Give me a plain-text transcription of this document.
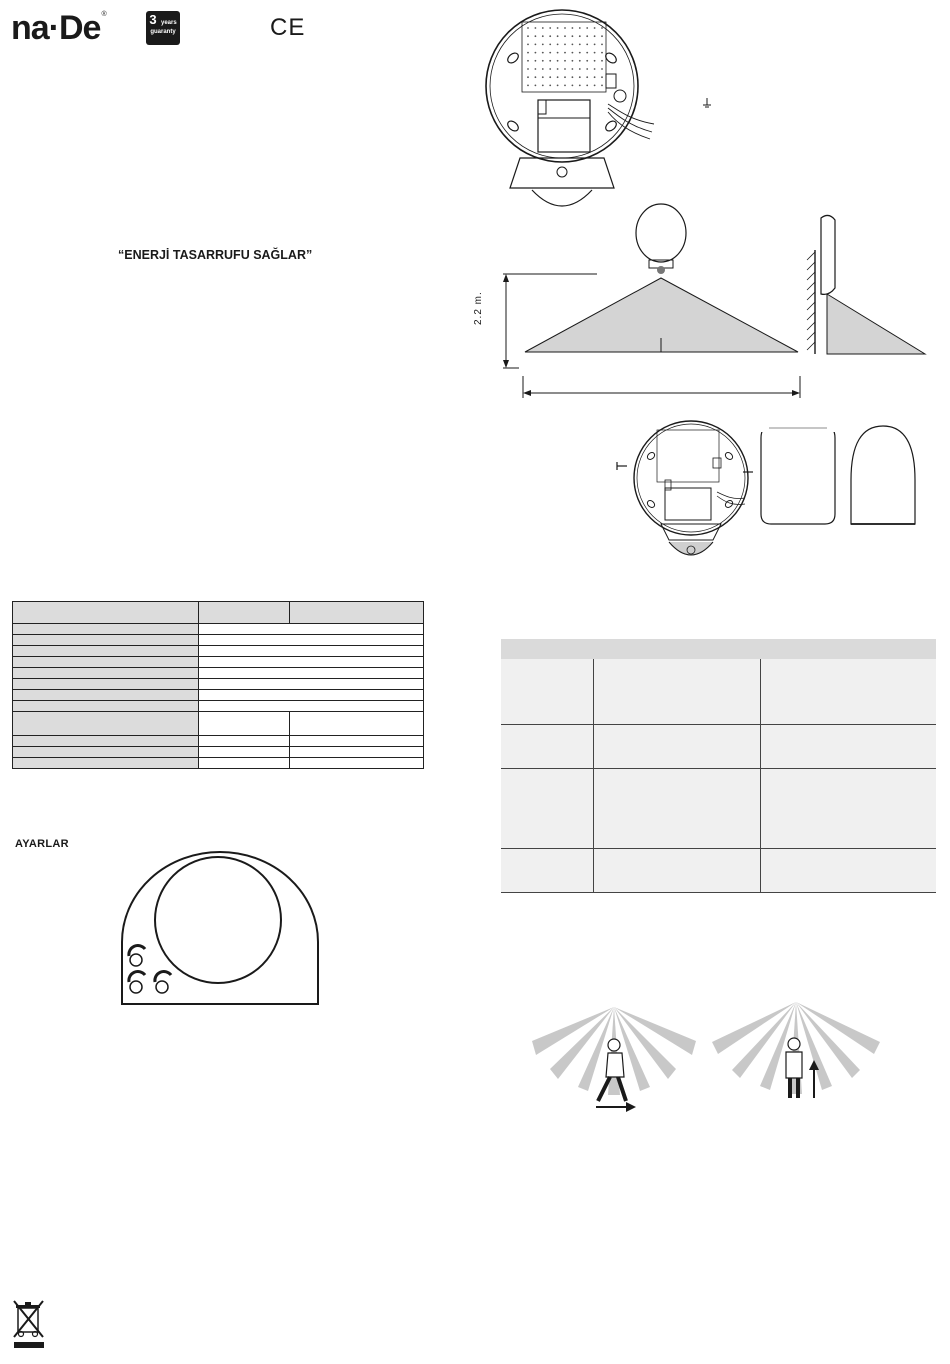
na·De®	3 years
guaranty	CE
“ENERJİ TASARRUFU SAĞLAR”

AYARLAR
2.2 m.
